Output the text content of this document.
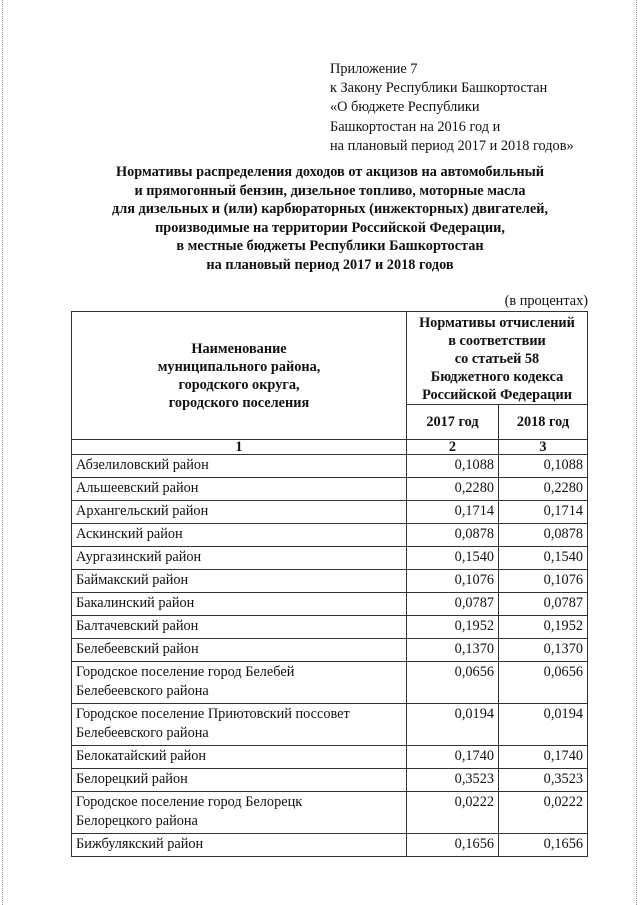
Приложение 7
к Закону Республики Башкортостан
«О бюджете Республики
Башкортостан на 2016 год и
на плановый период 2017 и 2018 годов»
Нормативы распределения доходов от акцизов на автомобильный
и прямогонный бензин, дизельное топливо, моторные масла
для дизельных и (или) карбюраторных (инжекторных) двигателей,
производимые на территории Российской Федерации,
в местные бюджеты Республики Башкортостан
на плановый период 2017 и 2018 годов
(в процентах)
Наименование
муниципального района,
городского округа,
городского поселения

Нормативы отчислений
в соответствии
со статьей 58
Бюджетного кодекса
Российской Федерации

	2017 год	2018 год
1	2	3

Абзелиловский район	0,1088	0,1088

Альшеевский район	0,2280	0,2280

Архангельский район	0,1714	0,1714

Аскинский район	0,0878	0,0878

Аургазинский район	0,1540	0,1540

Баймакский район	0,1076	0,1076

Бакалинский район	0,0787	0,0787

Балтачевский район	0,1952	0,1952

Белебеевский район	0,1370	0,1370

Городское поселение город Белебей
Белебеевского района	0,0656	0,0656

Городское поселение Приютовский поссовет
Белебеевского района	0,0194	0,0194

Белокатайский район	0,1740	0,1740

Белорецкий район	0,3523	0,3523

Городское поселение город Белорецк
Белорецкого района	0,0222	0,0222

Бижбулякский район	0,1656	0,1656
